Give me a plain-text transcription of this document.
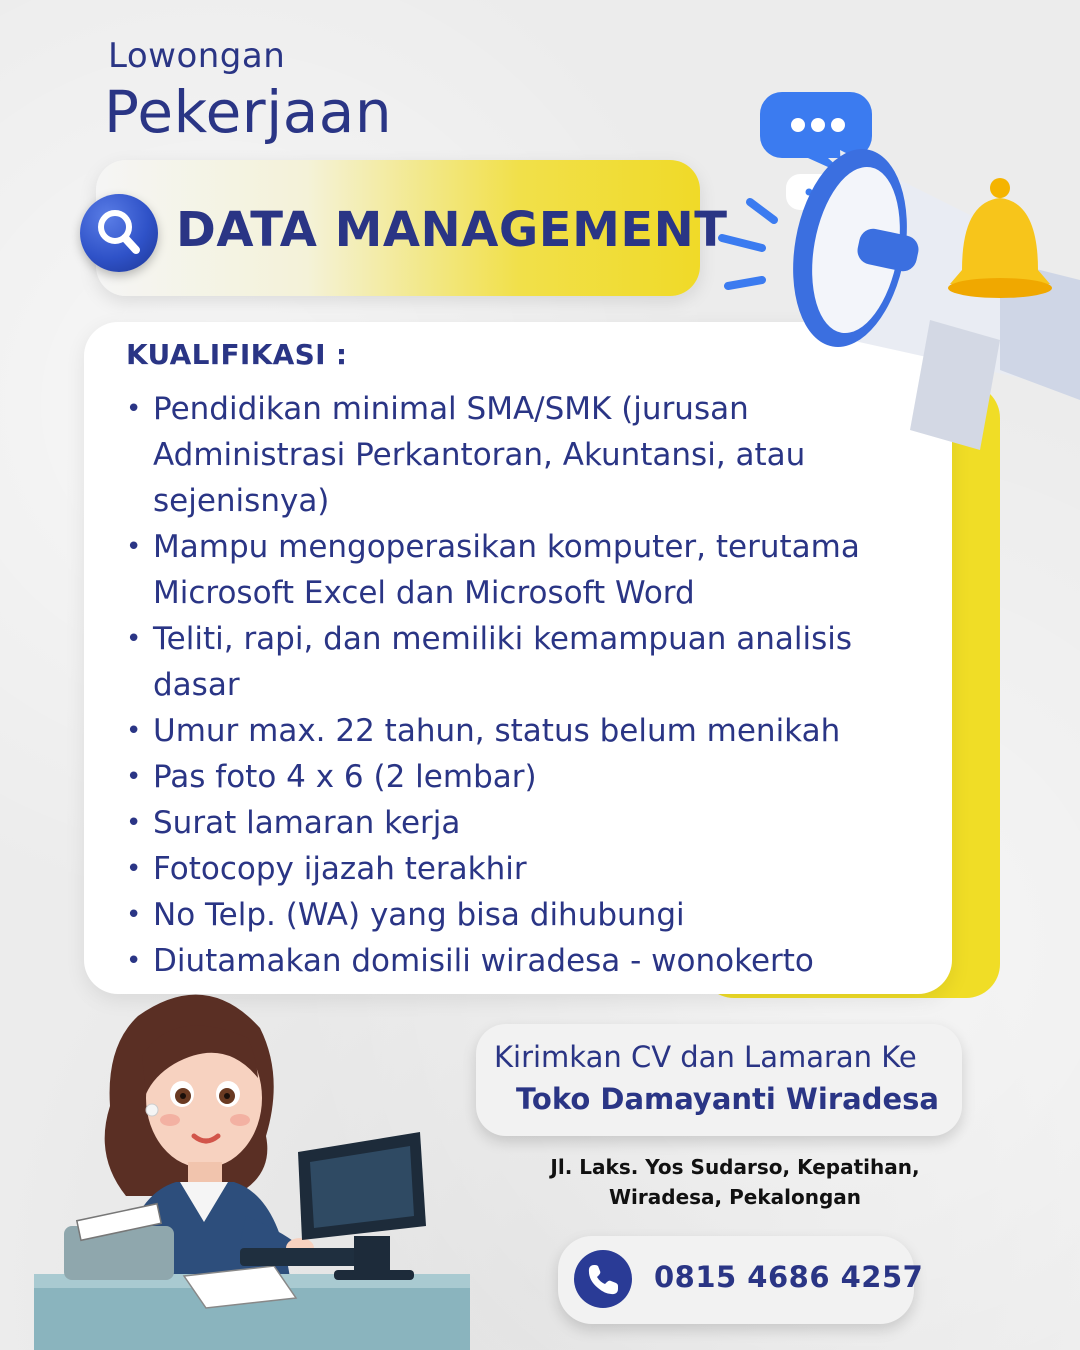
Lowongan
Pekerjaan
DATA MANAGEMENT
KUALIFIKASI :
• Pendidikan minimal SMA/SMK (jurusan Administrasi Perkantoran, Akuntansi, atau sejenisnya)
• Mampu mengoperasikan komputer, terutama Microsoft Excel dan Microsoft Word
• Teliti, rapi, dan memiliki kemampuan analisis dasar
• Umur max. 22 tahun, status belum menikah
• Pas foto 4 x 6 (2 lembar)
• Surat lamaran kerja
• Fotocopy ijazah terakhir
• No Telp. (WA) yang bisa dihubungi
• Diutamakan domisili wiradesa - wonokerto
Kirimkan CV dan Lamaran Ke
Toko Damayanti Wiradesa
Jl. Laks. Yos Sudarso, Kepatihan,
Wiradesa, Pekalongan
0815 4686 4257
